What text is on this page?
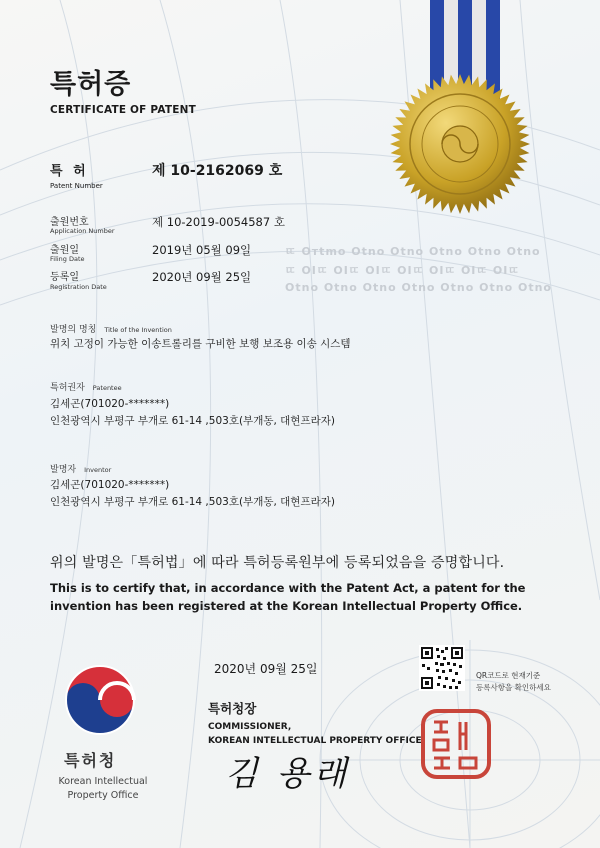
ㄸ Oтtmo Otnо Otno Otnо Otno Otno
ㄸ OIㄸ OIㄸ OIㄸ OIㄸ OIㄸ OIㄸ OIㄸ
Otnо Otno Otnо Otno Otno Otnо Otno
특허증
CERTIFICATE OF PATENT
특 허
Patent Number
제 10-2162069 호
출원번호
Application Number
제 10-2019-0054587 호
출원일
Filing Date
2019년 05월 09일
등록일
Registration Date
2020년 09월 25일
발명의 명칭 Title of the Invention
위치 고정이 가능한 이송트롤리를 구비한 보행 보조용 이송 시스템
특허권자 Patentee
김세곤(701020-*******)
인천광역시 부평구 부개로 61-14 ,503호(부개동, 대현프라자)
발명자 Inventor
김세곤(701020-*******)
인천광역시 부평구 부개로 61-14 ,503호(부개동, 대현프라자)
위의 발명은「특허법」에 따라 특허등록원부에 등록되었음을 증명합니다.
This is to certify that, in accordance with the Patent Act, a patent for the
invention has been registered at the Korean Intellectual Property Office.
2020년 09월 25일	QR코드로 현재기준
등록사항을 확인하세요
특허청장
COMMISSIONER,
KOREAN INTELLECTUAL PROPERTY OFFICE
김 용래
특허청
Korean Intellectual
Property Office
